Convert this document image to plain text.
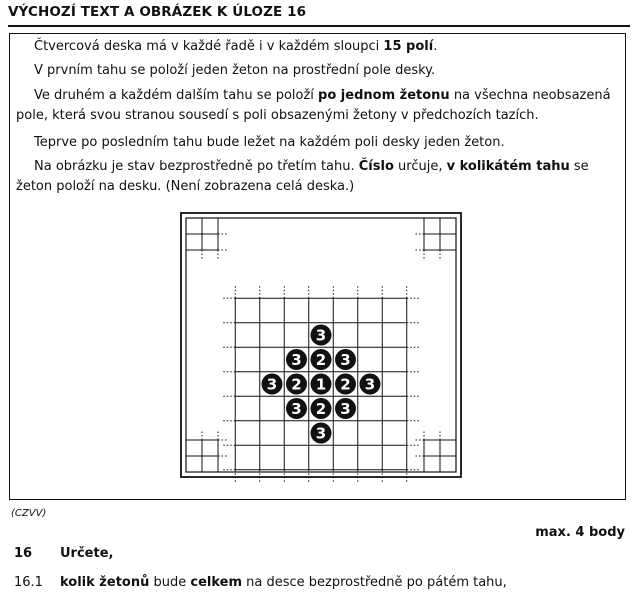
VÝCHOZÍ TEXT A OBRÁZEK K ÚLOZE 16
Čtvercová deska má v každé řadě i v každém sloupci 15 polí.
V prvním tahu se položí jeden žeton na prostřední pole desky.
Ve druhém a každém dalším tahu se položí po jednom žetonu na všechna neobsazená pole, která svou stranou sousedí s poli obsazenými žetony v předchozích tazích.
Teprve po posledním tahu bude ležet na každém poli desky jeden žeton.
Na obrázku je stav bezprostředně po třetím tahu. Číslo určuje, v kolikátém tahu se žeton položí na desku. (Není zobrazena celá deska.)
3
3 2 3
3 2 1 2 3
3 2 3
3
(CZVV)
max. 4 body
16 Určete,
16.1 kolik žetonů bude celkem na desce bezprostředně po pátém tahu,
